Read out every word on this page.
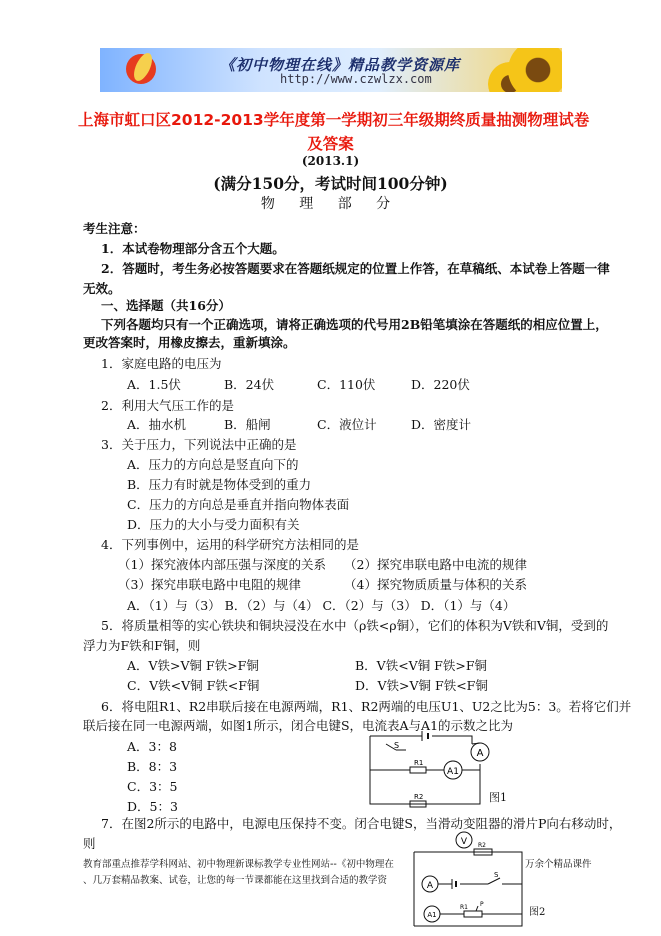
《初中物理在线》精品教学资源库
http://www.czwlzx.com
上海市虹口区2012-2013学年度第一学期初三年级期终质量抽测物理试卷
及答案
(2013.1)
(满分150分，考试时间100分钟)
物 理 部 分
考生注意：
1．本试卷物理部分含五个大题。
2．答题时，考生务必按答题要求在答题纸规定的位置上作答，在草稿纸、本试卷上答题一律
无效。
一、选择题（共16分）
下列各题均只有一个正确选项，请将正确选项的代号用2B铅笔填涂在答题纸的相应位置上，
更改答案时，用橡皮擦去，重新填涂。
1．家庭电路的电压为
A．1.5伏	B．24伏	C．110伏	D．220伏
2．利用大气压工作的是
A．抽水机	B．船闸	C．液位计	D．密度计
3．关于压力，下列说法中正确的是
A．压力的方向总是竖直向下的
B．压力有时就是物体受到的重力
C．压力的方向总是垂直并指向物体表面
D．压力的大小与受力面积有关
4．下列事例中，运用的科学研究方法相同的是
（1）探究液体内部压强与深度的关系 （2）探究串联电路中电流的规律
（3）探究串联电路中电阻的规律	（4）探究物质质量与体积的关系
A．（1）与（3） B．（2）与（4） C．（2）与（3） D．（1）与（4）
5．将质量相等的实心铁块和铜块浸没在水中（ρ铁<ρ铜），它们的体积为V铁和V铜，受到的
浮力为F铁和F铜，则
A．V铁>V铜 F铁>F铜	B．V铁<V铜 F铁>F铜
C．V铁<V铜 F铁<F铜	D．V铁>V铜 F铁<F铜
6．将电阻R1、R2串联后接在电源两端，R1、R2两端的电压U1、U2之比为5：3。若将它们并
联后接在同一电源两端，如图1所示，闭合电键S，电流表A与A1的示数之比为
A．3：8
B．8：3
C．3：5
D．5：3
A
A1
R1
R2
S
图1
7．在图2所示的电路中，电源电压保持不变。闭合电键S，当滑动变阻器的滑片P向右移动时，
则	V R2
A
S
A1
R1 P
图2
教育部重点推荐学科网站、初中物理新课标教学专业性网站--《初中物理在	万余个精品课件
、几万套精品教案、试卷，让您的每一节课都能在这里找到合适的教学资
